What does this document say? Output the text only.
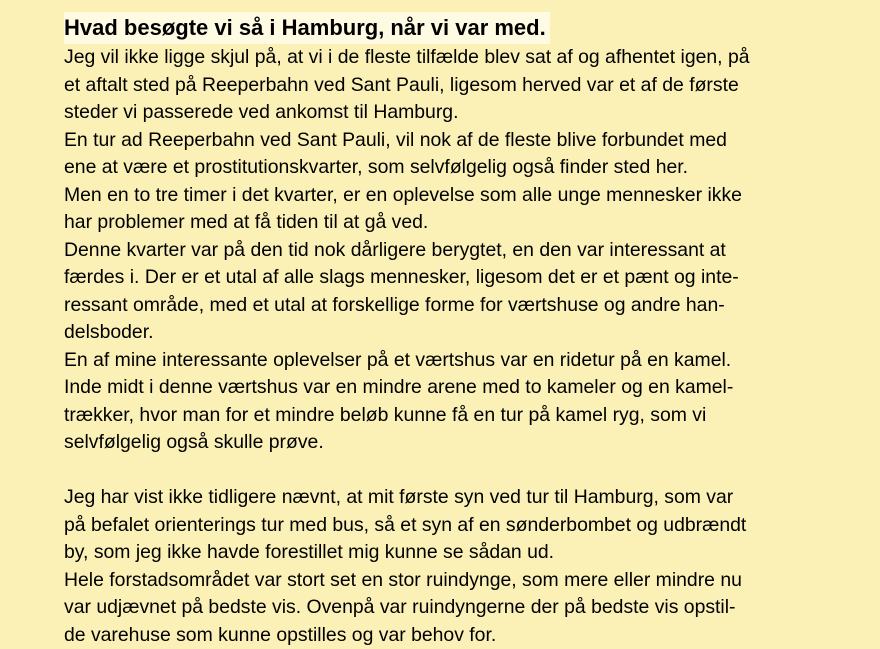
Hvad besøgte vi så i Hamburg, når vi var med.
Jeg vil ikke ligge skjul på, at vi i de fleste tilfælde blev sat af og afhentet igen, på
et aftalt sted på Reeperbahn ved Sant Pauli, ligesom herved var et af de første
steder vi passerede ved ankomst til Hamburg.
En tur ad Reeperbahn ved Sant Pauli, vil nok af de fleste blive forbundet med
ene at være et prostitutionskvarter, som selvfølgelig også finder sted her.
Men en to tre timer i det kvarter, er en oplevelse som alle unge mennesker ikke
har problemer med at få tiden til at gå ved.
Denne kvarter var på den tid nok dårligere berygtet, en den var interessant at
færdes i. Der er et utal af alle slags mennesker, ligesom det er et pænt og inte-
ressant område, med et utal at forskellige forme for værtshuse og andre han-
delsboder.
En af mine interessante oplevelser på et værtshus var en ridetur på en kamel.
Inde midt i denne værtshus var en mindre arene med to kameler og en kamel-
trækker, hvor man for et mindre beløb kunne få en tur på kamel ryg, som vi
selvfølgelig også skulle prøve.
Jeg har vist ikke tidligere nævnt, at mit første syn ved tur til Hamburg, som var
på befalet orienterings tur med bus, så et syn af en sønderbombet og udbrændt
by, som jeg ikke havde forestillet mig kunne se sådan ud.
Hele forstadsområdet var stort set en stor ruindynge, som mere eller mindre nu
var udjævnet på bedste vis. Ovenpå var ruindyngerne der på bedste vis opstil-
de varehuse som kunne opstilles og var behov for.
